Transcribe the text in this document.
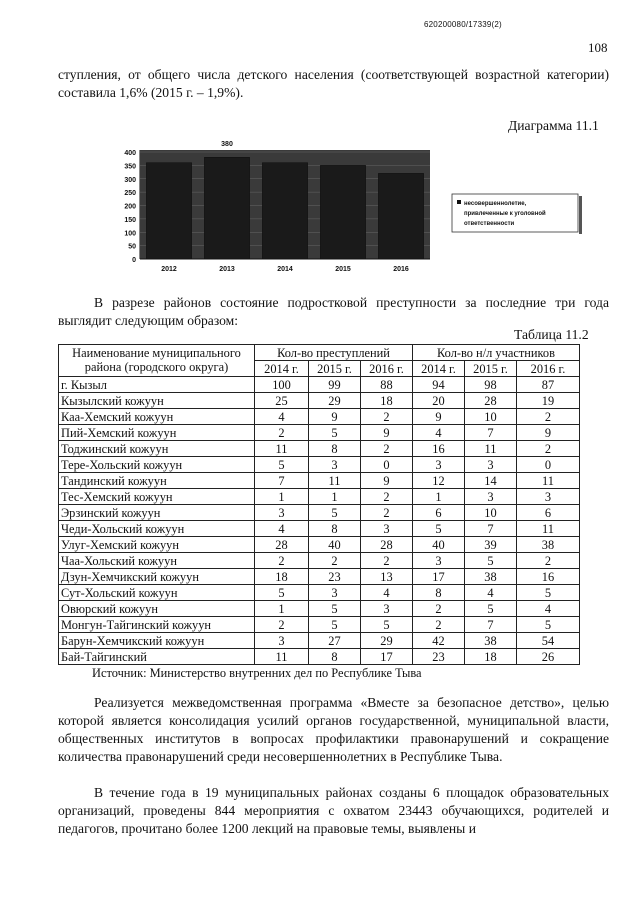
620200080/17339(2)
108
ступления, от общего числа детского населения (соответствующей возрастной категории) составила 1,6% (2015 г. – 1,9%).
Диаграмма 11.1
0
50
100
150
200
250
300
350
400
380
2012	2013	2014	2015	2016
несовершеннолетие,
привлеченные к уголовной
ответственности
В разрезе районов состояние подростковой преступности за последние три года выглядит следующим образом:
Таблица 11.2
Наименование муниципального района (городского округа)	Кол-во преступлений			Кол-во н/л участников		
	2014 г.	2015 г.	2016 г.	2014 г.	2015 г.	2016 г.
г. Кызыл	100	99	88	94	98	87
Кызылский кожуун	25	29	18	20	28	19
Каа-Хемский кожуун	4	9	2	9	10	2
Пий-Хемский кожуун	2	5	9	4	7	9
Тоджинский кожуун	11	8	2	16	11	2
Тере-Хольский кожуун	5	3	0	3	3	0
Тандинский кожуун	7	11	9	12	14	11
Тес-Хемский кожуун	1	1	2	1	3	3
Эрзинский кожуун	3	5	2	6	10	6
Чеди-Хольский кожуун	4	8	3	5	7	11
Улуг-Хемский кожуун	28	40	28	40	39	38
Чаа-Хольский кожуун	2	2	2	3	5	2
Дзун-Хемчикский кожуун	18	23	13	17	38	16
Сут-Хольский кожуун	5	3	4	8	4	5
Овюрский кожуун	1	5	3	2	5	4
Монгун-Тайгинский кожуун	2	5	5	2	7	5
Барун-Хемчикский кожуун	3	27	29	42	38	54
Бай-Тайгинский	11	8	17	23	18	26
Источник: Министерство внутренних дел по Республике Тыва
Реализуется межведомственная программа «Вместе за безопасное детство», целью которой является консолидация усилий органов государственной, муниципальной власти, общественных институтов в вопросах профилактики правонарушений и сокращение количества правонарушений среди несовершеннолетних в Республике Тыва.
В течение года в 19 муниципальных районах созданы 6 площадок образовательных организаций, проведены 844 мероприятия с охватом 23443 обучающихся, родителей и педагогов, прочитано более 1200 лекций на правовые темы, выявлены и
